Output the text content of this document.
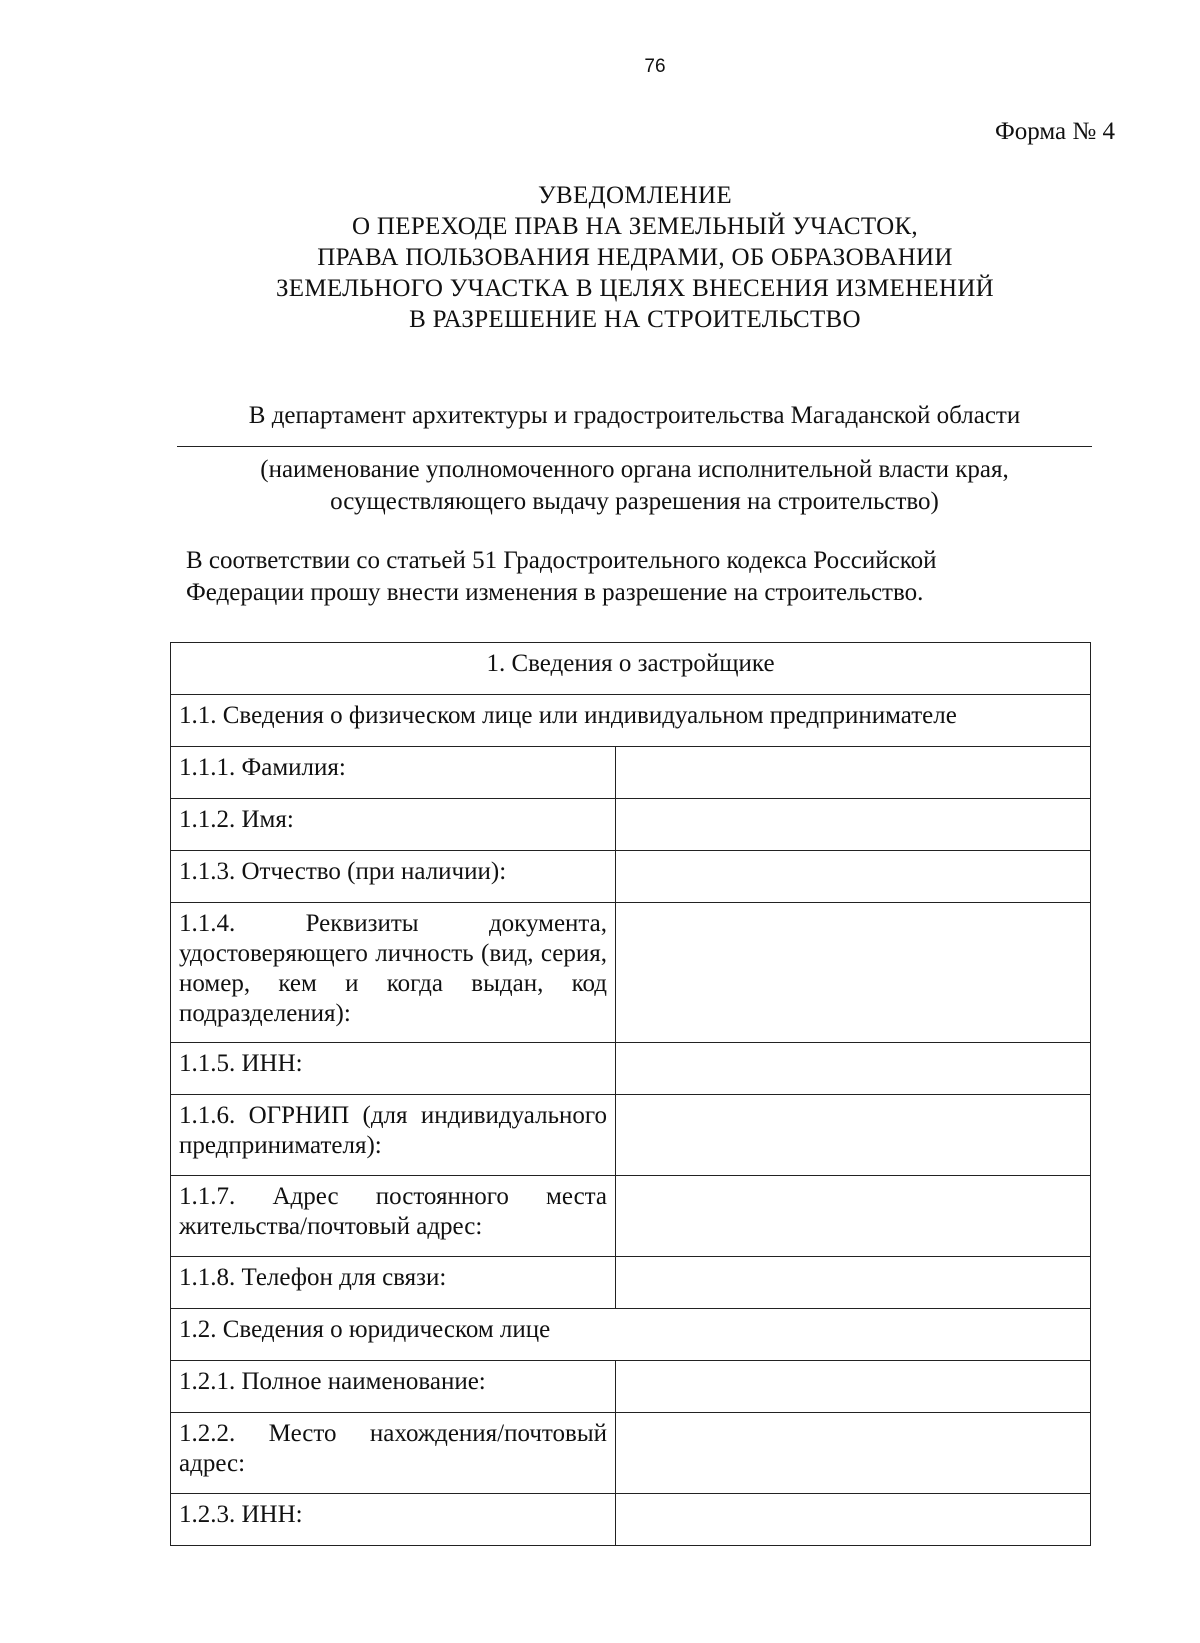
76
Форма № 4
УВЕДОМЛЕНИЕ
О ПЕРЕХОДЕ ПРАВ НА ЗЕМЕЛЬНЫЙ УЧАСТОК,
ПРАВА ПОЛЬЗОВАНИЯ НЕДРАМИ, ОБ ОБРАЗОВАНИИ
ЗЕМЕЛЬНОГО УЧАСТКА В ЦЕЛЯХ ВНЕСЕНИЯ ИЗМЕНЕНИЙ
В РАЗРЕШЕНИЕ НА СТРОИТЕЛЬСТВО
В департамент архитектуры и градостроительства Магаданской области
(наименование уполномоченного органа исполнительной власти края,
осуществляющего выдачу разрешения на строительство)
В соответствии со статьей 51 Градостроительного кодекса Российской
Федерации прошу внести изменения в разрешение на строительство.
1. Сведения о застройщике	
1.1. Сведения о физическом лице или индивидуальном предпринимателе	
1.1.1. Фамилия:	
1.1.2. Имя:	
1.1.3. Отчество (при наличии):	
1.1.4. Реквизиты документа, удостоверяющего личность (вид, серия, номер, кем и когда выдан, код подразделения):	
1.1.5. ИНН:	
1.1.6. ОГРНИП (для индивидуального предпринимателя):	
1.1.7. Адрес постоянного места жительства/почтовый адрес:	
1.1.8. Телефон для связи:	
1.2. Сведения о юридическом лице	
1.2.1. Полное наименование:	
1.2.2. Место нахождения/почтовый адрес:	
1.2.3. ИНН:	
